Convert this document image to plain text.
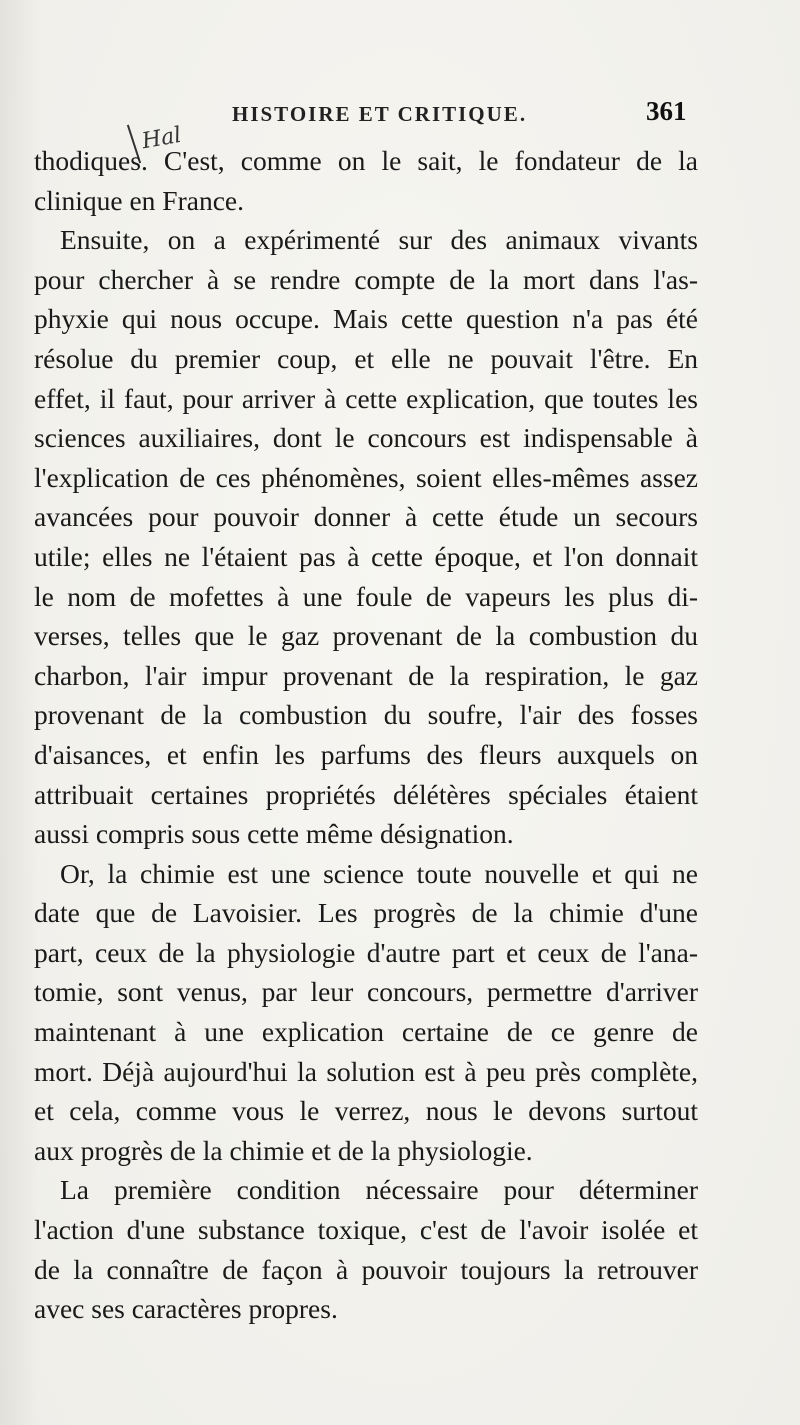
HISTOIRE ET CRITIQUE.	361
Hal
thodiques. C'est, comme on le sait, le fondateur de la
clinique en France.
Ensuite, on a expérimenté sur des animaux vivants
pour chercher à se rendre compte de la mort dans l'as-
phyxie qui nous occupe. Mais cette question n'a pas été
résolue du premier coup, et elle ne pouvait l'être. En
effet, il faut, pour arriver à cette explication, que toutes les
sciences auxiliaires, dont le concours est indispensable à
l'explication de ces phénomènes, soient elles-mêmes assez
avancées pour pouvoir donner à cette étude un secours
utile; elles ne l'étaient pas à cette époque, et l'on donnait
le nom de mofettes à une foule de vapeurs les plus di-
verses, telles que le gaz provenant de la combustion du
charbon, l'air impur provenant de la respiration, le gaz
provenant de la combustion du soufre, l'air des fosses
d'aisances, et enfin les parfums des fleurs auxquels on
attribuait certaines propriétés délétères spéciales étaient
aussi compris sous cette même désignation.
Or, la chimie est une science toute nouvelle et qui ne
date que de Lavoisier. Les progrès de la chimie d'une
part, ceux de la physiologie d'autre part et ceux de l'ana-
tomie, sont venus, par leur concours, permettre d'arriver
maintenant à une explication certaine de ce genre de
mort. Déjà aujourd'hui la solution est à peu près complète,
et cela, comme vous le verrez, nous le devons surtout
aux progrès de la chimie et de la physiologie.
La première condition nécessaire pour déterminer
l'action d'une substance toxique, c'est de l'avoir isolée et
de la connaître de façon à pouvoir toujours la retrouver
avec ses caractères propres.
